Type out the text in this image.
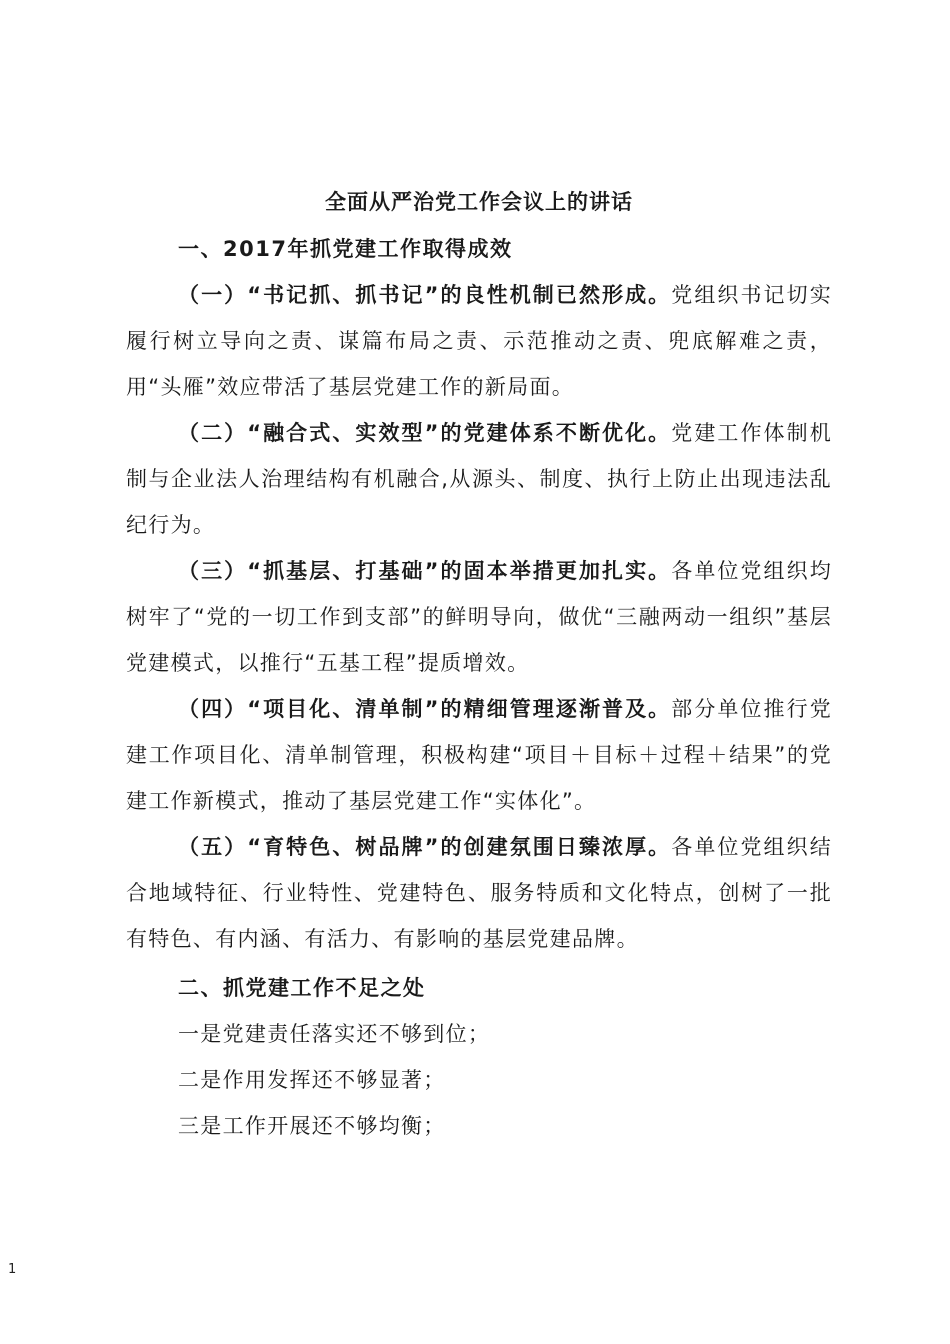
全面从严治党工作会议上的讲话
一、2017年抓党建工作取得成效
（一）“书记抓、抓书记”的良性机制已然形成。党组织书记切实履行树立导向之责、谋篇布局之责、示范推动之责、兜底解难之责，用“头雁”效应带活了基层党建工作的新局面。
（二）“融合式、实效型”的党建体系不断优化。党建工作体制机制与企业法人治理结构有机融合,从源头、制度、执行上防止出现违法乱纪行为。
（三）“抓基层、打基础”的固本举措更加扎实。各单位党组织均树牢了“党的一切工作到支部”的鲜明导向，做优“三融两动一组织”基层党建模式，以推行“五基工程”提质增效。
（四）“项目化、清单制”的精细管理逐渐普及。部分单位推行党建工作项目化、清单制管理，积极构建“项目＋目标＋过程＋结果”的党建工作新模式，推动了基层党建工作“实体化”。
（五）“育特色、树品牌”的创建氛围日臻浓厚。各单位党组织结合地域特征、行业特性、党建特色、服务特质和文化特点，创树了一批有特色、有内涵、有活力、有影响的基层党建品牌。
二、抓党建工作不足之处
一是党建责任落实还不够到位；
二是作用发挥还不够显著；
三是工作开展还不够均衡；
1
